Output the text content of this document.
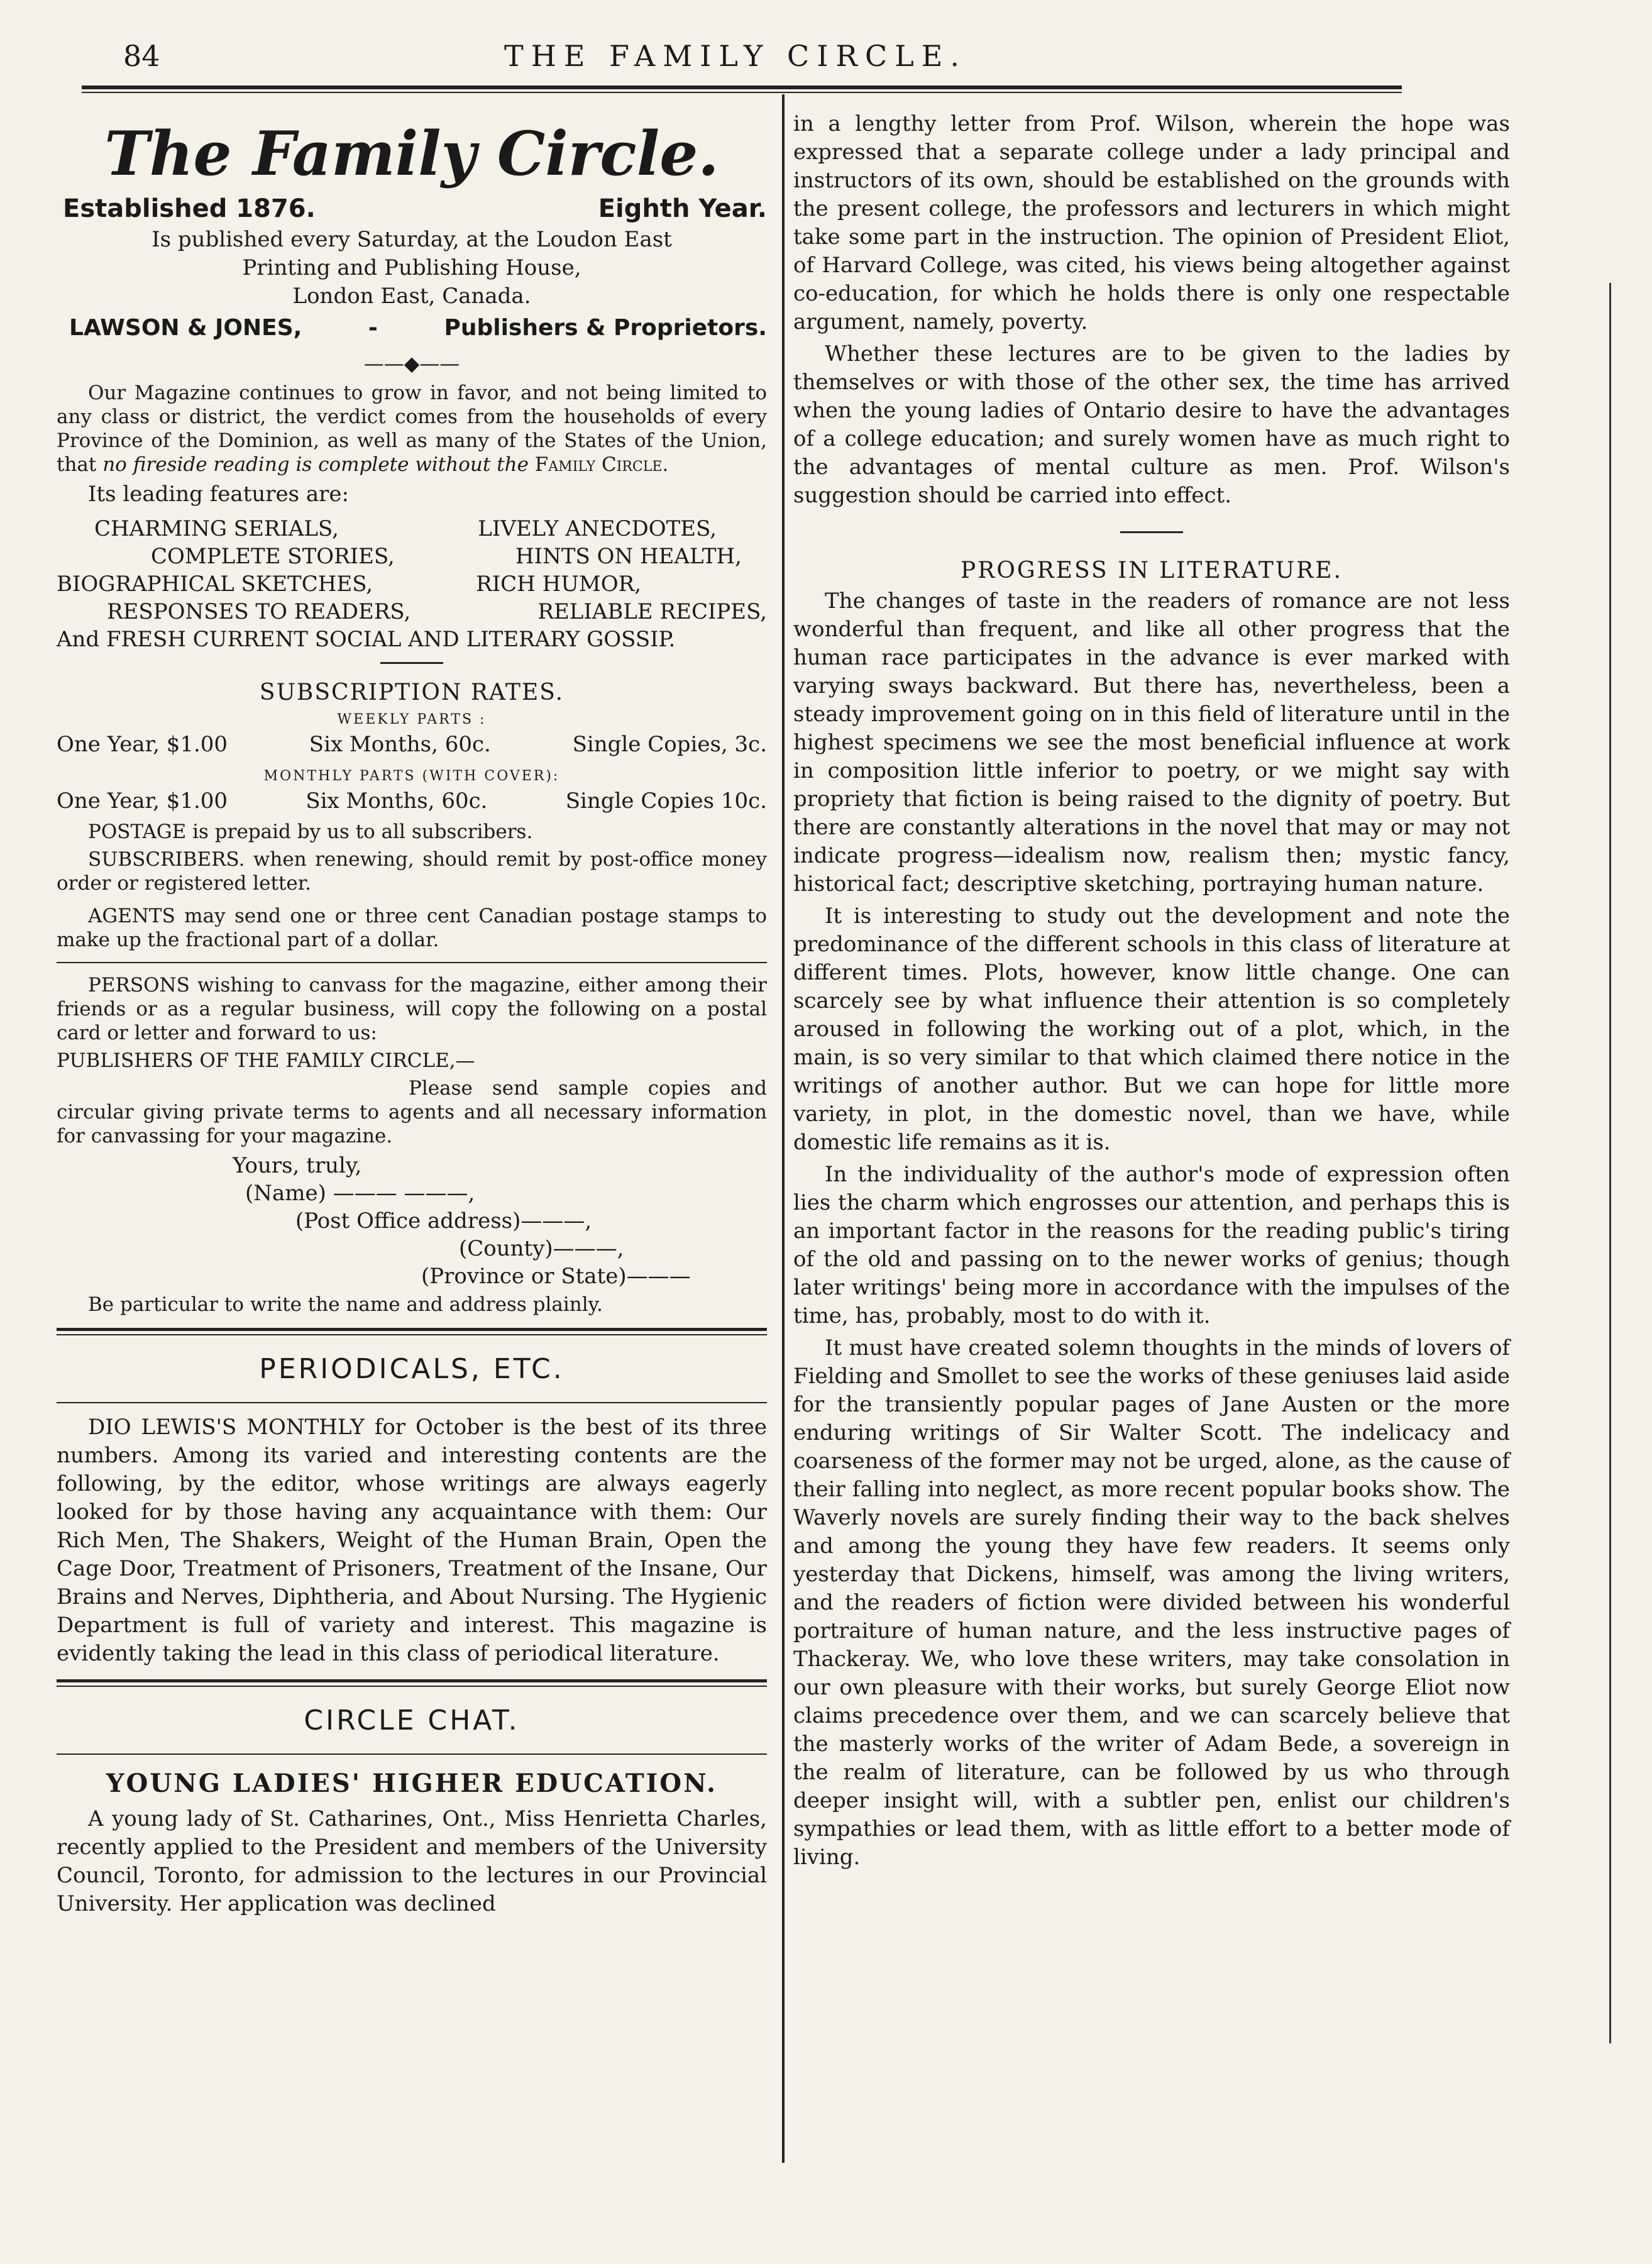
84	THE FAMILY CIRCLE.
The Family Circle.
Established 1876.	Eighth Year.

Is published every Saturday, at the Loudon East

Printing and Publishing House,

London East, Canada.

LAWSON & JONES,	-	Publishers & Proprietors.
——◆——

Our Magazine continues to grow in favor, and not being limited to any class or district, the verdict comes from the households of every Province of the Dominion, as well as many of the States of the Union, that no fireside reading is complete without the Family Circle.

Its leading features are:

CHARMING SERIALS,	LIVELY ANECDOTES,
COMPLETE STORIES,	HINTS ON HEALTH,
BIOGRAPHICAL SKETCHES,	RICH HUMOR,
RESPONSES TO READERS,	RELIABLE RECIPES,
And FRESH CURRENT SOCIAL AND LITERARY GOSSIP.
SUBSCRIPTION RATES.
WEEKLY PARTS :
One Year, $1.00	Six Months, 60c.	Single Copies, 3c.
MONTHLY PARTS (WITH COVER):
One Year, $1.00	Six Months, 60c.	Single Copies 10c.

POSTAGE is prepaid by us to all subscribers.

SUBSCRIBERS. when renewing, should remit by post-office money order or registered letter.

AGENTS may send one or three cent Canadian postage stamps to make up the fractional part of a dollar.

PERSONS wishing to canvass for the magazine, either among their friends or as a regular business, will copy the following on a postal card or letter and forward to us:

PUBLISHERS OF THE FAMILY CIRCLE,—

Please send sample copies and circular giving private terms to agents and all necessary information for canvassing for your magazine.

Yours, truly,
(Name) ——— ———,
(Post Office address)———,
(County)———,
(Province or State)———

Be particular to write the name and address plainly.

PERIODICALS, ETC.

DIO LEWIS'S MONTHLY for October is the best of its three numbers. Among its varied and interesting contents are the following, by the editor, whose writings are always eagerly looked for by those having any acquaintance with them: Our Rich Men, The Shakers, Weight of the Human Brain, Open the Cage Door, Treatment of Prisoners, Treatment of the Insane, Our Brains and Nerves, Diphtheria, and About Nursing. The Hygienic Department is full of variety and interest. This magazine is evidently taking the lead in this class of periodical literature.

CIRCLE CHAT.
YOUNG LADIES' HIGHER EDUCATION.

A young lady of St. Catharines, Ont., Miss Henrietta Charles, recently applied to the President and members of the University Council, Toronto, for admission to the lectures in our Provincial University. Her application was declined

in a lengthy letter from Prof. Wilson, wherein the hope was expressed that a separate college under a lady principal and instructors of its own, should be established on the grounds with the present college, the professors and lecturers in which might take some part in the instruction. The opinion of President Eliot, of Harvard College, was cited, his views being altogether against co-education, for which he holds there is only one respectable argument, namely, poverty.

Whether these lectures are to be given to the ladies by themselves or with those of the other sex, the time has arrived when the young ladies of Ontario desire to have the advantages of a college education; and surely women have as much right to the advantages of mental culture as men. Prof. Wilson's suggestion should be carried into effect.

PROGRESS IN LITERATURE.

The changes of taste in the readers of romance are not less wonderful than frequent, and like all other progress that the human race participates in the advance is ever marked with varying sways backward. But there has, nevertheless, been a steady improvement going on in this field of literature until in the highest specimens we see the most beneficial influence at work in composition little inferior to poetry, or we might say with propriety that fiction is being raised to the dignity of poetry. But there are constantly alterations in the novel that may or may not indicate progress—idealism now, realism then; mystic fancy, historical fact; descriptive sketching, portraying human nature.

It is interesting to study out the development and note the predominance of the different schools in this class of literature at different times. Plots, however, know little change. One can scarcely see by what influence their attention is so completely aroused in following the working out of a plot, which, in the main, is so very similar to that which claimed there notice in the writings of another author. But we can hope for little more variety, in plot, in the domestic novel, than we have, while domestic life remains as it is.

In the individuality of the author's mode of expression often lies the charm which engrosses our attention, and perhaps this is an important factor in the reasons for the reading public's tiring of the old and passing on to the newer works of genius; though later writings' being more in accordance with the impulses of the time, has, probably, most to do with it.

It must have created solemn thoughts in the minds of lovers of Fielding and Smollet to see the works of these geniuses laid aside for the transiently popular pages of Jane Austen or the more enduring writings of Sir Walter Scott. The indelicacy and coarseness of the former may not be urged, alone, as the cause of their falling into neglect, as more recent popular books show. The Waverly novels are surely finding their way to the back shelves and among the young they have few readers. It seems only yesterday that Dickens, himself, was among the living writers, and the readers of fiction were divided between his wonderful portraiture of human nature, and the less instructive pages of Thackeray. We, who love these writers, may take consolation in our own pleasure with their works, but surely George Eliot now claims precedence over them, and we can scarcely believe that the masterly works of the writer of Adam Bede, a sovereign in the realm of literature, can be followed by us who through deeper insight will, with a subtler pen, enlist our children's sympathies or lead them, with as little effort to a better mode of living.
